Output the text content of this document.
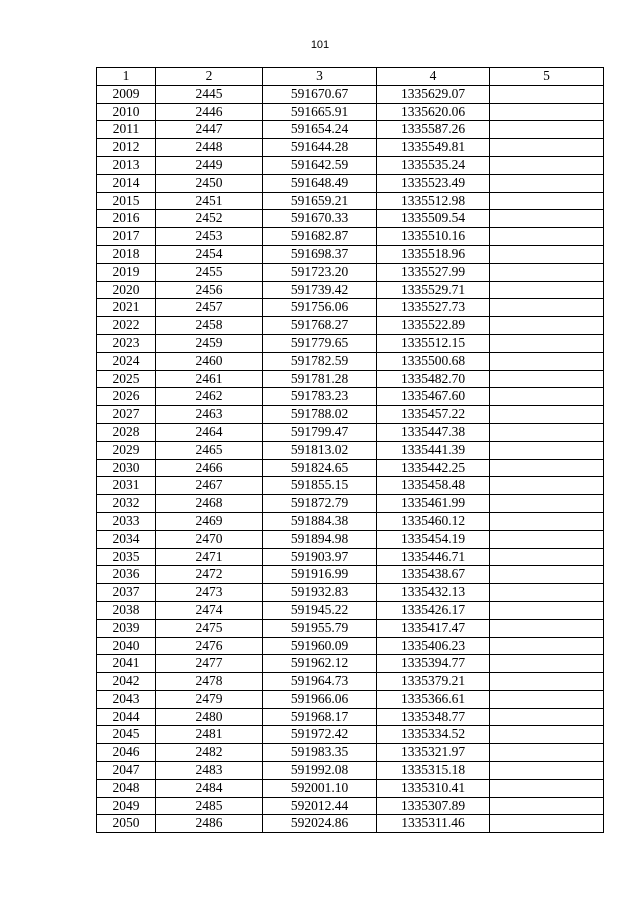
101
1	2	3	4	5
2009	2445	591670.67	1335629.07	
2010	2446	591665.91	1335620.06	
2011	2447	591654.24	1335587.26	
2012	2448	591644.28	1335549.81	
2013	2449	591642.59	1335535.24	
2014	2450	591648.49	1335523.49	
2015	2451	591659.21	1335512.98	
2016	2452	591670.33	1335509.54	
2017	2453	591682.87	1335510.16	
2018	2454	591698.37	1335518.96	
2019	2455	591723.20	1335527.99	
2020	2456	591739.42	1335529.71	
2021	2457	591756.06	1335527.73	
2022	2458	591768.27	1335522.89	
2023	2459	591779.65	1335512.15	
2024	2460	591782.59	1335500.68	
2025	2461	591781.28	1335482.70	
2026	2462	591783.23	1335467.60	
2027	2463	591788.02	1335457.22	
2028	2464	591799.47	1335447.38	
2029	2465	591813.02	1335441.39	
2030	2466	591824.65	1335442.25	
2031	2467	591855.15	1335458.48	
2032	2468	591872.79	1335461.99	
2033	2469	591884.38	1335460.12	
2034	2470	591894.98	1335454.19	
2035	2471	591903.97	1335446.71	
2036	2472	591916.99	1335438.67	
2037	2473	591932.83	1335432.13	
2038	2474	591945.22	1335426.17	
2039	2475	591955.79	1335417.47	
2040	2476	591960.09	1335406.23	
2041	2477	591962.12	1335394.77	
2042	2478	591964.73	1335379.21	
2043	2479	591966.06	1335366.61	
2044	2480	591968.17	1335348.77	
2045	2481	591972.42	1335334.52	
2046	2482	591983.35	1335321.97	
2047	2483	591992.08	1335315.18	
2048	2484	592001.10	1335310.41	
2049	2485	592012.44	1335307.89	
2050	2486	592024.86	1335311.46	
